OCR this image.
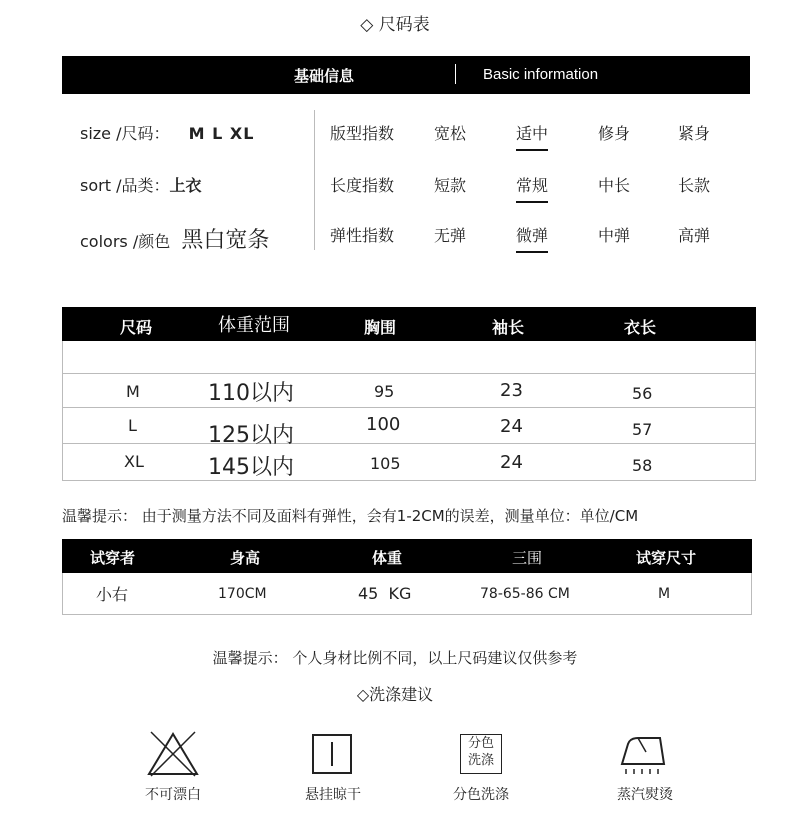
◇ 尺码表
基础信息	Basic information
size /尺码： M L XL
sort /品类：上衣
colors /颜色 黑白宽条
版型指数 宽松	适中	修身	紧身
长度指数 短款	常规	中长	长款
弹性指数 无弹	微弹	中弹	高弹
尺码	体重范围	胸围	袖长	衣长
M	110以内	95	23	56
L	125以内	100	24	57
XL	145以内	105	24	58
温馨提示： 由于测量方法不同及面料有弹性，会有1-2CM的误差，测量单位：单位/CM
试穿者	身高	体重	三围	试穿尺寸
小右	170CM	45  KG	78-65-86 CM	M
温馨提示： 个人身材比例不同，以上尺码建议仅供参考
◇洗涤建议
不可漂白	悬挂晾干
分色
洗涤
分色洗涤	蒸汽熨烫
